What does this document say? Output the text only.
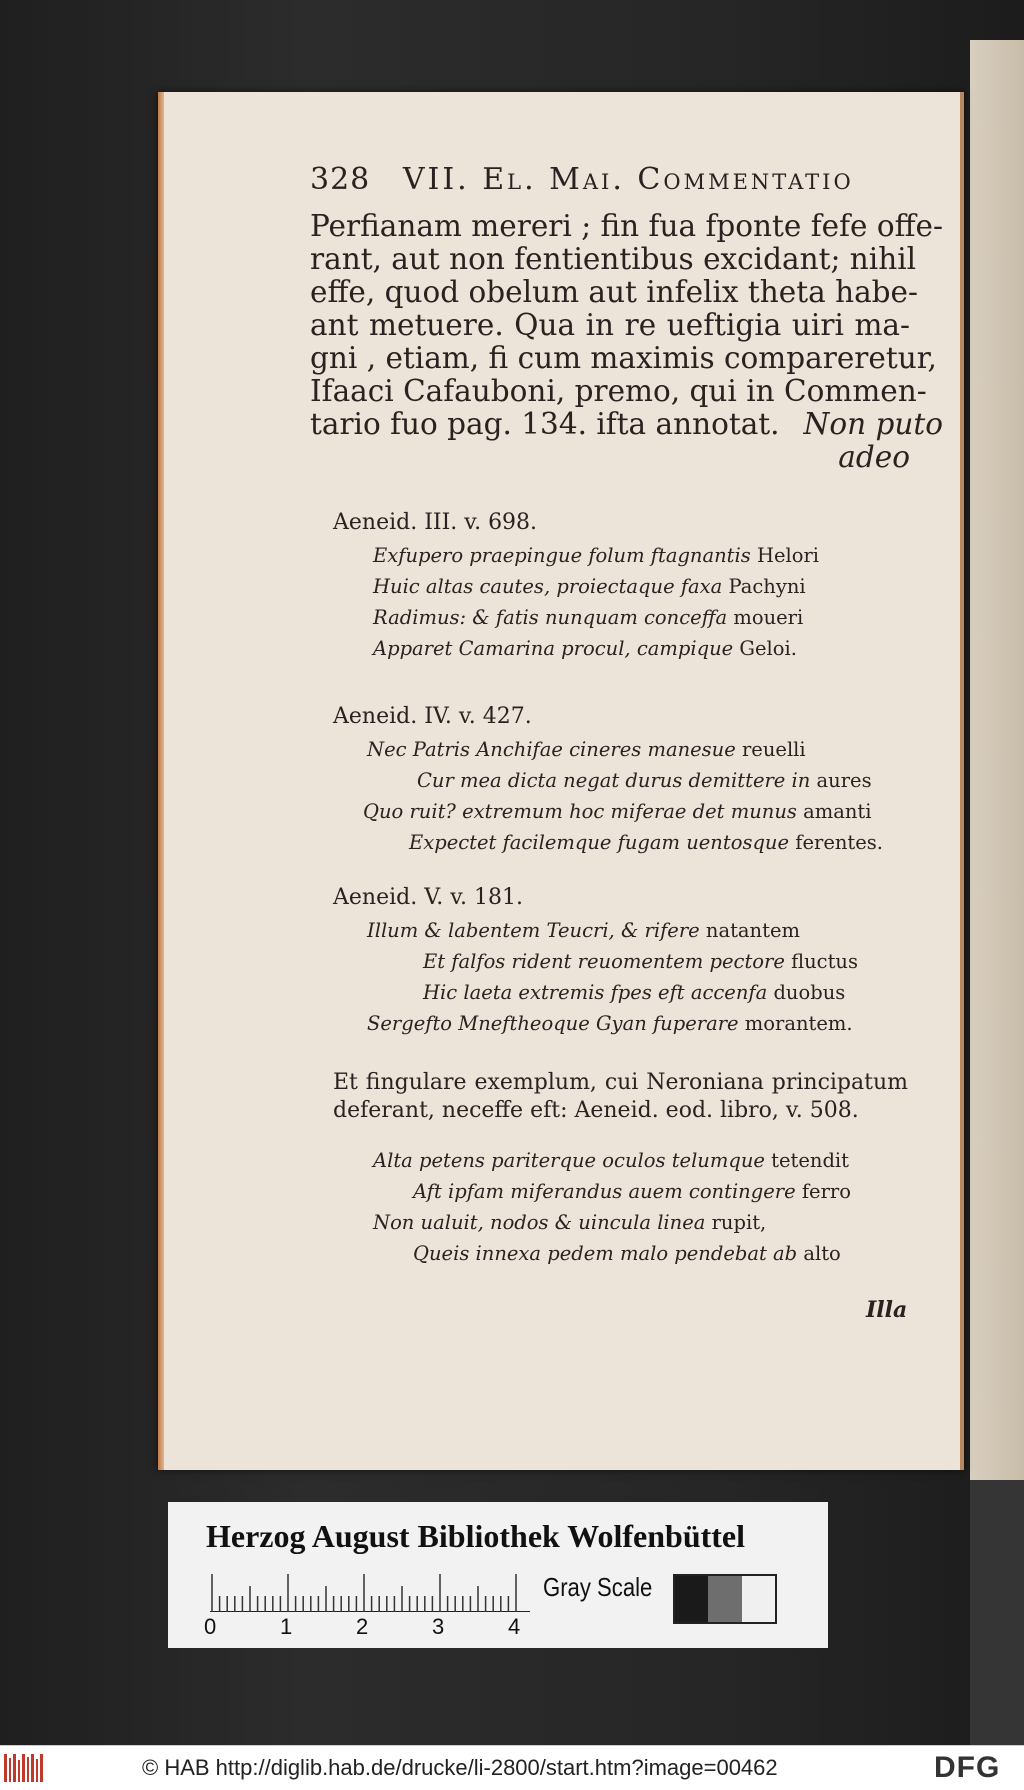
328 VII. El. Mai. Commentatio
Perfianam mereri ; fin fua fponte fefe offe-
rant, aut non fentientibus excidant; nihil
effe, quod obelum aut infelix theta habe-
ant metuere. Qua in re ueftigia uiri ma-
gni , etiam, fi cum maximis compareretur,
Ifaaci Cafauboni, premo, qui in Commen-
tario fuo pag. 134. ifta annotat. Non puto
adeo
Aeneid. III. v. 698.
Exfupero praepingue folum ftagnantis Helori
Huic altas cautes, proiectaque faxa Pachyni
Radimus: & fatis nunquam conceffa moueri
Apparet Camarina procul, campique Geloi.
Aeneid. IV. v. 427.
Nec Patris Anchifae cineres manesue reuelli
Cur mea dicta negat durus demittere in aures
Quo ruit? extremum hoc miferae det munus amanti
Expectet facilemque fugam uentosque ferentes.
Aeneid. V. v. 181.
Illum & labentem Teucri, & rifere natantem
Et falfos rident reuomentem pectore fluctus
Hic laeta extremis fpes eft accenfa duobus
Sergefto Mneftheoque Gyan fuperare morantem.
Et fingulare exemplum, cui Neroniana principatum
deferant, neceffe eft: Aeneid. eod. libro, v. 508.
Alta petens pariterque oculos telumque tetendit
Aft ipfam miferandus auem contingere ferro
Non ualuit, nodos & uincula linea rupit,
Queis innexa pedem malo pendebat ab alto
Illa
Herzog August Bibliothek Wolfenbüttel
0	1	2	3	4
Gray Scale
© HAB http://diglib.hab.de/drucke/li-2800/start.htm?image=00462	DFG
